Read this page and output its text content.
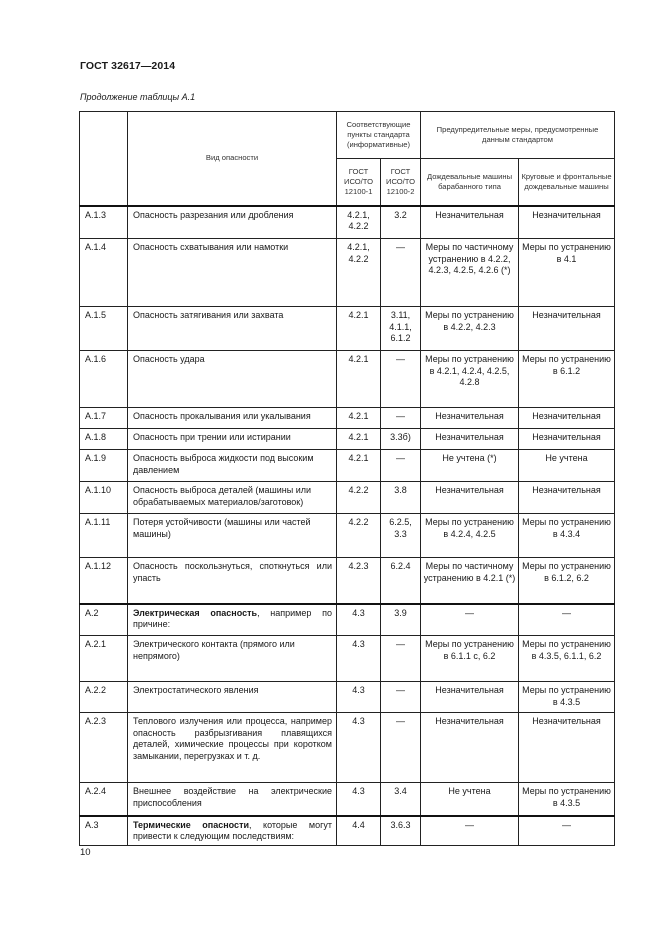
ГОСТ 32617—2014
Продолжение таблицы А.1
	Вид опасности	Соответствующие пункты стандарта (информативные)		Предупредительные меры, предусмотренные данным стандартом	
		ГОСТ ИСО/ТО 12100-1	ГОСТ ИСО/ТО 12100-2	Дождевальные машины барабанного типа	Круговые и фронтальные дождевальные машины
А.1.3	Опасность разрезания или дробления	4.2.1, 4.2.2	3.2	Незначительная	Незначительная
А.1.4	Опасность схватывания или намотки	4.2.1, 4.2.2	—	Меры по частичному устранению в 4.2.2, 4.2.3, 4.2.5, 4.2.6 (*)	Меры по устранению в 4.1
А.1.5	Опасность затягивания или захвата	4.2.1	3.11, 4.1.1, 6.1.2	Меры по устранению в 4.2.2, 4.2.3	Незначительная
А.1.6	Опасность удара	4.2.1	—	Меры по устранению в 4.2.1, 4.2.4, 4.2.5, 4.2.8	Меры по устранению в 6.1.2
А.1.7	Опасность прокалывания или укалывания	4.2.1	—	Незначительная	Незначительная
А.1.8	Опасность при трении или истирании	4.2.1	3.3б)	Незначительная	Незначительная
А.1.9	Опасность выброса жидкости под высоким давлением	4.2.1	—	Не учтена (*)	Не учтена
А.1.10	Опасность выброса деталей (машины или обрабатываемых материалов/заготовок)	4.2.2	3.8	Незначительная	Незначительная
А.1.11	Потеря устойчивости (машины или частей машины)	4.2.2	6.2.5, 3.3	Меры по устранению в 4.2.4, 4.2.5	Меры по устранению в 4.3.4
А.1.12	Опасность поскользнуться, споткнуться или упасть	4.2.3	6.2.4	Меры по частичному устранению в 4.2.1 (*)	Меры по устранению в 6.1.2, 6.2
А.2	Электрическая опасность, например по причине:	4.3	3.9	—	—
А.2.1	Электрического контакта (прямого или непрямого)	4.3	—	Меры по устранению в 6.1.1 с, 6.2	Меры по устранению в 4.3.5, 6.1.1, 6.2
А.2.2	Электростатического явления	4.3	—	Незначительная	Меры по устранению в 4.3.5
А.2.3	Теплового излучения или процесса, например опасность разбрызгивания плавящихся деталей, химические процессы при коротком замыкании, перегрузках и т. д.	4.3	—	Незначительная	Незначительная
А.2.4	Внешнее воздействие на электрические приспособления	4.3	3.4	Не учтена	Меры по устранению в 4.3.5
А.3	Термические опасности, которые могут привести к следующим последствиям:	4.4	3.6.3	—	—
10
